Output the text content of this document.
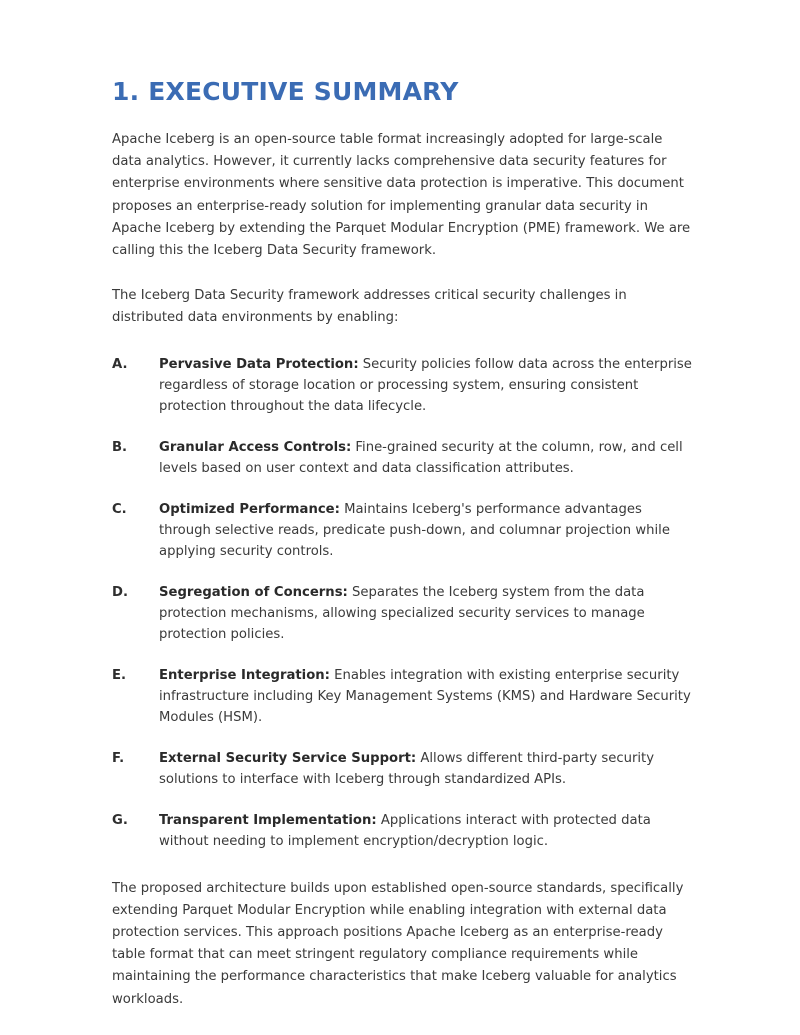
1. EXECUTIVE SUMMARY

Apache Iceberg is an open-source table format increasingly adopted for large-scale data analytics. However, it currently lacks comprehensive data security features for enterprise environments where sensitive data protection is imperative. This document proposes an enterprise-ready solution for implementing granular data security in Apache Iceberg by extending the Parquet Modular Encryption (PME) framework. We are calling this the Iceberg Data Security framework.

The Iceberg Data Security framework addresses critical security challenges in distributed data environments by enabling:

A.	Pervasive Data Protection: Security policies follow data across the enterprise regardless of storage location or processing system, ensuring consistent protection throughout the data lifecycle.
B.	Granular Access Controls: Fine-grained security at the column, row, and cell levels based on user context and data classification attributes.
C.	Optimized Performance: Maintains Iceberg's performance advantages through selective reads, predicate push-down, and columnar projection while applying security controls.
D.	Segregation of Concerns: Separates the Iceberg system from the data protection mechanisms, allowing specialized security services to manage protection policies.
E.	Enterprise Integration: Enables integration with existing enterprise security infrastructure including Key Management Systems (KMS) and Hardware Security Modules (HSM).
F.	External Security Service Support: Allows different third-party security solutions to interface with Iceberg through standardized APIs.
G.	Transparent Implementation: Applications interact with protected data without needing to implement encryption/decryption logic.

The proposed architecture builds upon established open-source standards, specifically extending Parquet Modular Encryption while enabling integration with external data protection services. This approach positions Apache Iceberg as an enterprise-ready table format that can meet stringent regulatory compliance requirements while maintaining the performance characteristics that make Iceberg valuable for analytics workloads.
